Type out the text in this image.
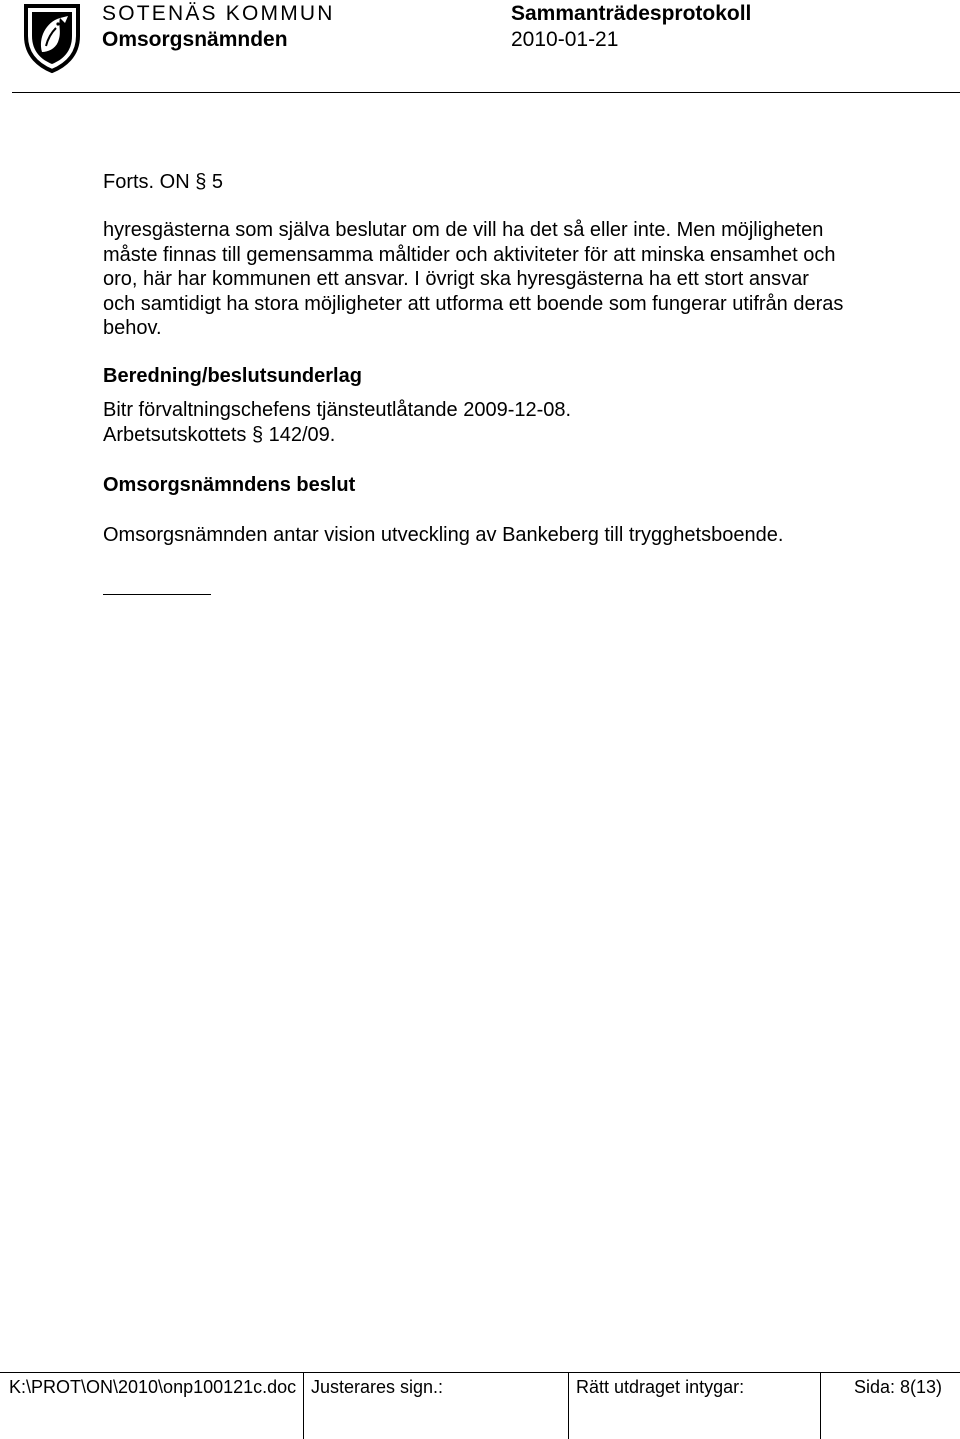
SOTENÄS KOMMUN
Omsorgsnämnden
Sammanträdesprotokoll
2010-01-21
Forts. ON § 5
hyresgästerna som själva beslutar om de vill ha det så eller inte. Men möjligheten
måste finnas till gemensamma måltider och aktiviteter för att minska ensamhet och
oro, här har kommunen ett ansvar. I övrigt ska hyresgästerna ha ett stort ansvar
och samtidigt ha stora möjligheter att utforma ett boende som fungerar utifrån deras
behov.
Beredning/beslutsunderlag
Bitr förvaltningschefens tjänsteutlåtande 2009-12-08.
Arbetsutskottets § 142/09.
Omsorgsnämndens beslut
Omsorgsnämnden antar vision utveckling av Bankeberg till trygghetsboende.
K:\PROT\ON\2010\onp100121c.doc Justerares sign.:	Rätt utdraget intygar:	Sida: 8(13)
